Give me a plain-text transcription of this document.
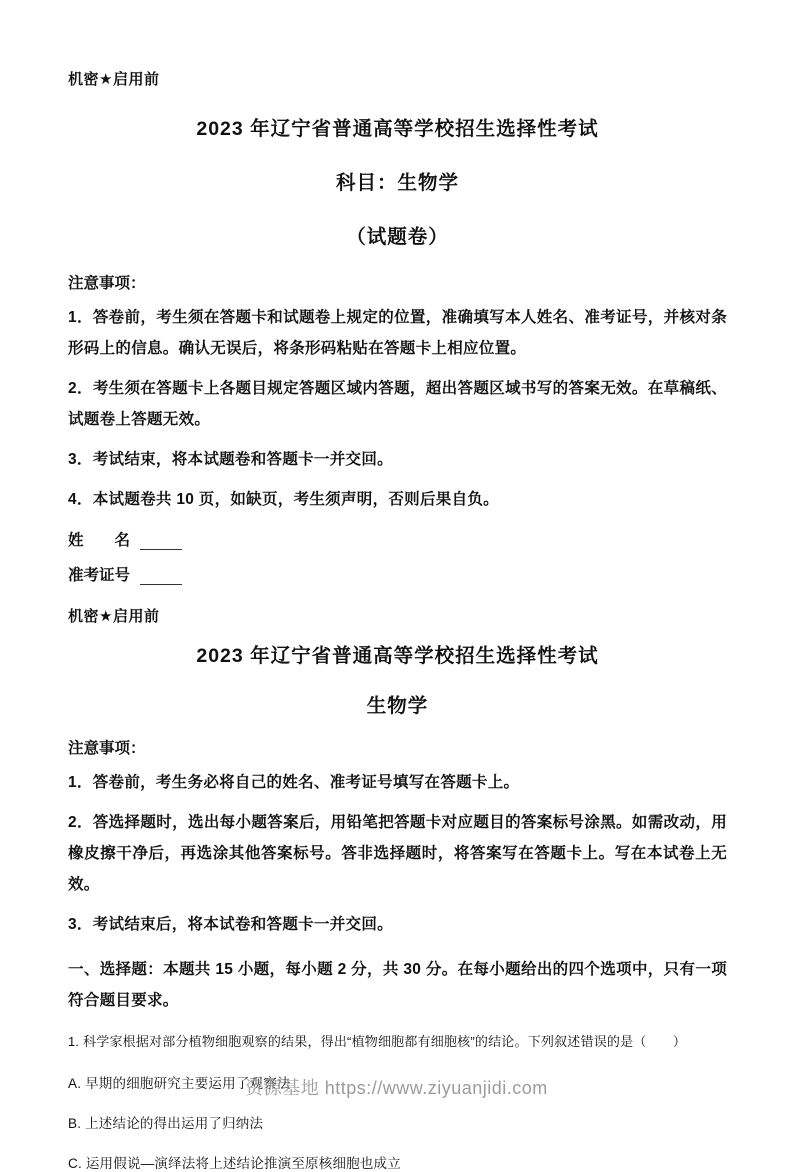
机密★启用前
2023 年辽宁省普通高等学校招生选择性考试
科目：生物学
（试题卷）
注意事项：
1．答卷前，考生须在答题卡和试题卷上规定的位置，准确填写本人姓名、准考证号，并核对条形码上的信息。确认无误后，将条形码粘贴在答题卡上相应位置。
2．考生须在答题卡上各题目规定答题区域内答题，超出答题区域书写的答案无效。在草稿纸、试题卷上答题无效。
3．考试结束，将本试题卷和答题卡一并交回。
4．本试题卷共 10 页，如缺页，考生须声明，否则后果自负。
姓　　名
准考证号
机密★启用前
2023 年辽宁省普通高等学校招生选择性考试
生物学
注意事项：
1．答卷前，考生务必将自己的姓名、准考证号填写在答题卡上。
2．答选择题时，选出每小题答案后，用铅笔把答题卡对应题目的答案标号涂黑。如需改动，用橡皮擦干净后，再选涂其他答案标号。答非选择题时，将答案写在答题卡上。写在本试卷上无效。
3．考试结束后，将本试卷和答题卡一并交回。
一、选择题：本题共 15 小题，每小题 2 分，共 30 分。在每小题给出的四个选项中，只有一项符合题目要求。
1. 科学家根据对部分植物细胞观察的结果，得出“植物细胞都有细胞核”的结论。下列叙述错误的是（　　）
A. 早期的细胞研究主要运用了观察法
B. 上述结论的得出运用了归纳法
C. 运用假说—演绎法将上述结论推演至原核细胞也成立
资源基地 https://www.ziyuanjidi.com
